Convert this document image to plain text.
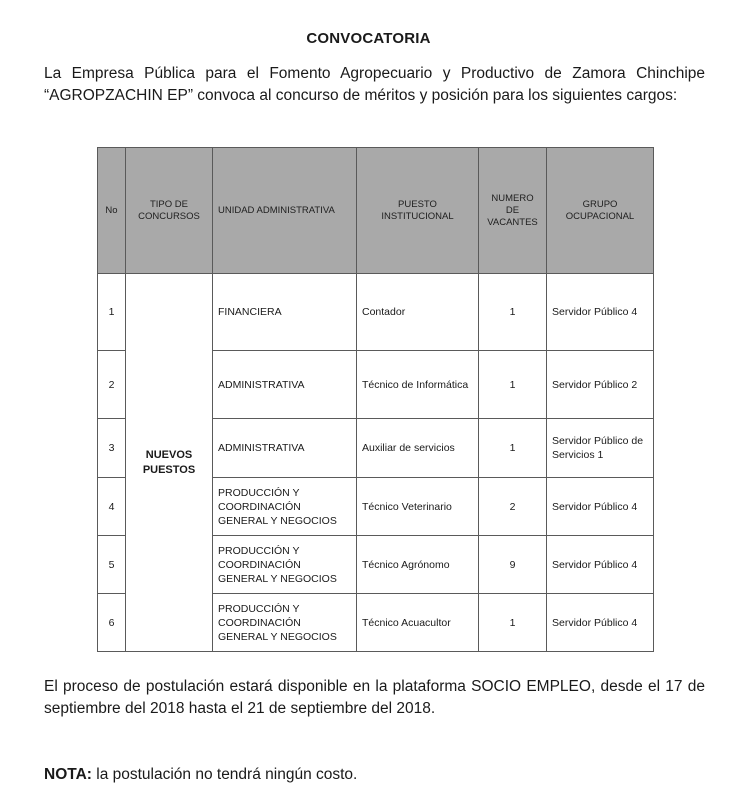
CONVOCATORIA
La Empresa Pública para el Fomento Agropecuario y Productivo de Zamora Chinchipe “AGROPZACHIN EP” convoca al concurso de méritos y posición para los siguientes cargos:
No	TIPO DE CONCURSOS	UNIDAD ADMINISTRATIVA	PUESTO INSTITUCIONAL	NUMERO DE VACANTES	GRUPO OCUPACIONAL
1	NUEVOS PUESTOS	FINANCIERA	Contador	1	Servidor Público 4
2		ADMINISTRATIVA	Técnico de Informática	1	Servidor Público 2
3		ADMINISTRATIVA	Auxiliar de servicios	1	Servidor Público de Servicios 1
4		PRODUCCIÓN Y COORDINACIÓN GENERAL Y NEGOCIOS	Técnico Veterinario	2	Servidor Público 4
5		PRODUCCIÓN Y COORDINACIÓN GENERAL Y NEGOCIOS	Técnico Agrónomo	9	Servidor Público 4
6		PRODUCCIÓN Y COORDINACIÓN GENERAL Y NEGOCIOS	Técnico Acuacultor	1	Servidor Público 4
El proceso de postulación estará disponible en la plataforma SOCIO EMPLEO, desde el 17 de septiembre del 2018 hasta el 21 de septiembre del 2018.
NOTA: la postulación no tendrá ningún costo.
